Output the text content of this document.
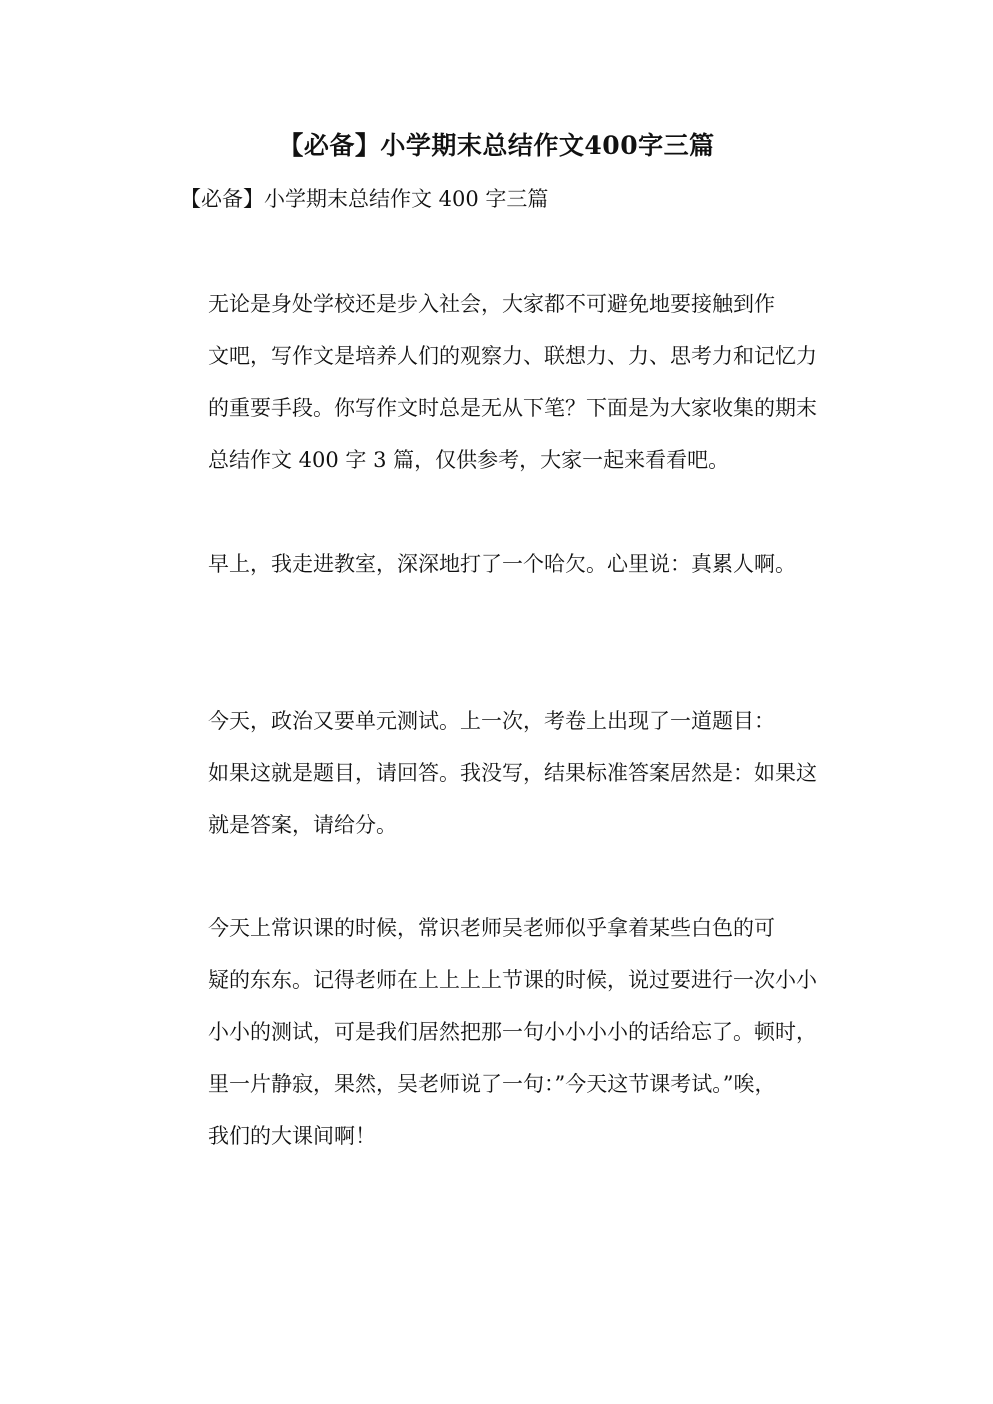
【必备】小学期末总结作文400字三篇

【必备】小学期末总结作文 400 字三篇

无论是身处学校还是步入社会，大家都不可避免地要接触到作
文吧，写作文是培养人们的观察力、联想力、力、思考力和记忆力
的重要手段。你写作文时总是无从下笔？下面是为大家收集的期末
总结作文 400 字 3 篇，仅供参考，大家一起来看看吧。

早上，我走进教室，深深地打了一个哈欠。心里说：真累人啊。

今天，政治又要单元测试。上一次，考卷上出现了一道题目：
如果这就是题目，请回答。我没写，结果标准答案居然是：如果这
就是答案，请给分。

今天上常识课的时候，常识老师吴老师似乎拿着某些白色的可
疑的东东。记得老师在上上上上节课的时候，说过要进行一次小小
小小的测试，可是我们居然把那一句小小小小的话给忘了。顿时，
里一片静寂，果然，吴老师说了一句：”今天这节课考试。”唉，
我们的大课间啊！
